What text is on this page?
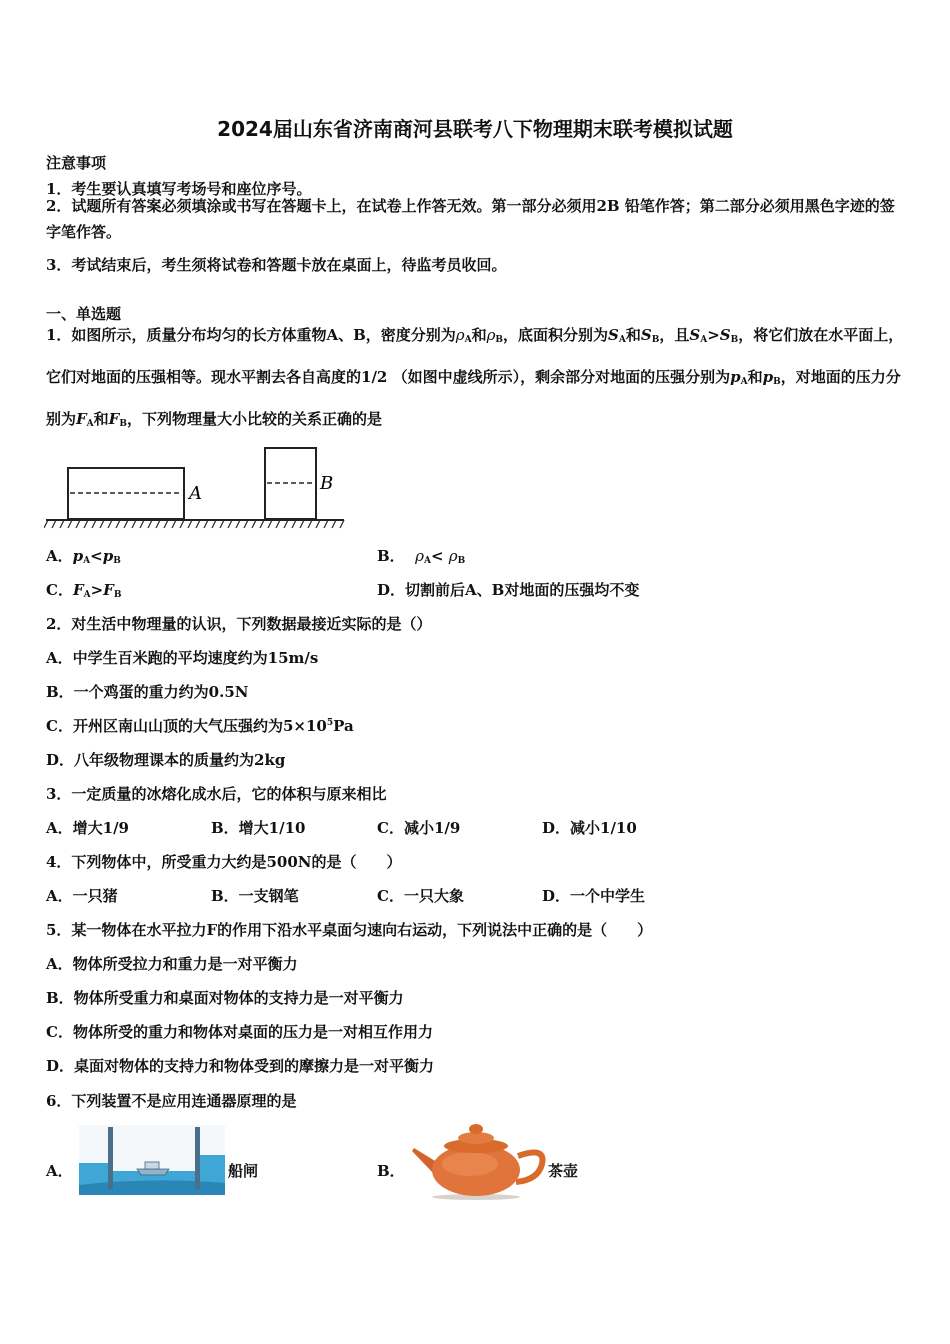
2024届山东省济南商河县联考八下物理期末联考模拟试题
注意事项
1．考生要认真填写考场号和座位序号。
2．试题所有答案必须填涂或书写在答题卡上，在试卷上作答无效。第一部分必须用2B 铅笔作答；第二部分必须用黑色字迹的签字笔作答。
3．考试结束后，考生须将试卷和答题卡放在桌面上，待监考员收回。
一、单选题
1．如图所示，质量分布均匀的长方体重物A、B，密度分别为$\rho_A$和$\rho_B$，底面积分别为$S_A$和$S_B$，且$S_A>S_B$，将它们放在水平面上，它们对地面的压强相等。现水平割去各自高度的1/2 （如图中虚线所示），剩余部分对地面的压强分别为$p_A$和$p_B$，对地面的压力分别为$F_A$和$F_B$，下列物理量大小比较的关系正确的是
A	B
A．$p_A<p_B$	B． $\rho_A< \rho_B$
C．$F_A>F_B$	D．切割前后A、B对地面的压强均不变
2．对生活中物理量的认识，下列数据最接近实际的是（）
A．中学生百米跑的平均速度约为15m/s
B．一个鸡蛋的重力约为0.5N
C．开州区南山山顶的大气压强约为$5\times 10^5Pa$
D．八年级物理课本的质量约为2kg
3．一定质量的冰熔化成水后，它的体积与原来相比
A．增大1/9	B．增大1/10	C．减小1/9	D．减小1/10
4．下列物体中，所受重力大约是500N的是（　　）
A．一只猪	B．一支钢笔	C．一只大象	D．一个中学生
5．某一物体在水平拉力F的作用下沿水平桌面匀速向右运动，下列说法中正确的是（　　）
A．物体所受拉力和重力是一对平衡力
B．物体所受重力和桌面对物体的支持力是一对平衡力
C．物体所受的重力和物体对桌面的压力是一对相互作用力
D．桌面对物体的支持力和物体受到的摩擦力是一对平衡力
6．下列装置不是应用连通器原理的是
A．	船闸	B．	茶壶
